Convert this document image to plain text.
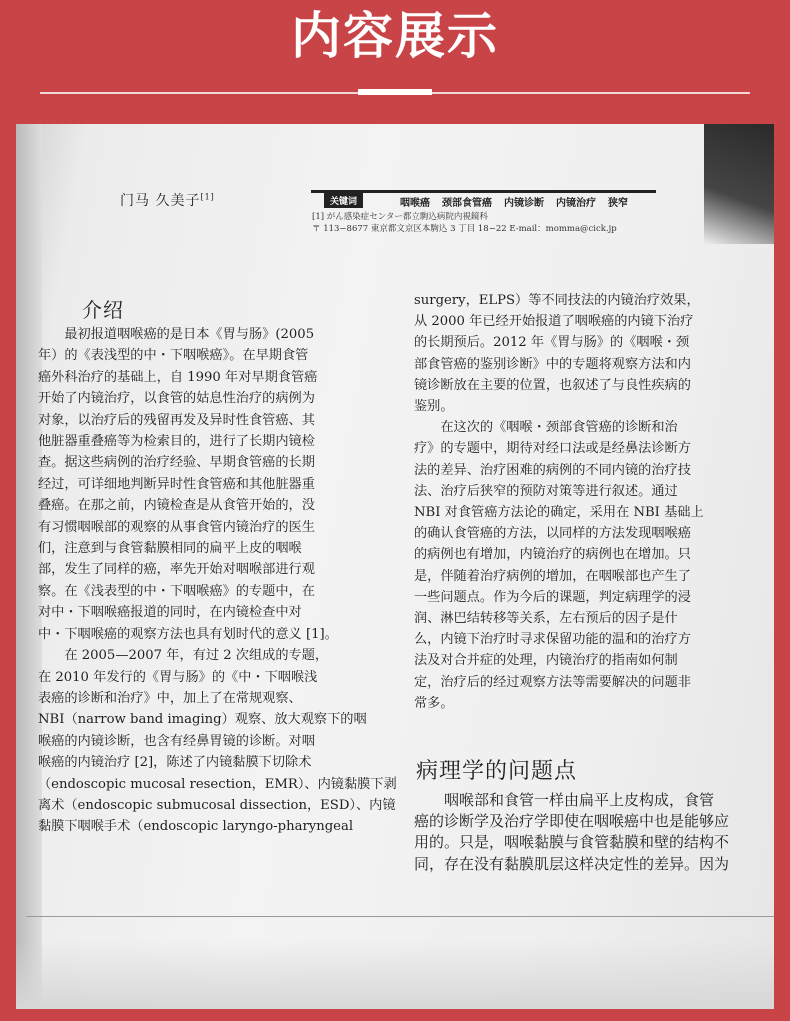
内容展示
门马 久美子[1]
关键词	咽喉癌 颈部食管癌 内镜诊断 内镜治疗 狭窄
[1] がん感染症センター都立駒込病院内視鏡科
〒 113−8677 東京都文京区本駒込 3 丁目 18−22 E-mail：momma@cick.jp
介绍
　　最初报道咽喉癌的是日本《胃与肠》(2005
年）的《表浅型的中・下咽喉癌》。在早期食管
癌外科治疗的基础上，自 1990 年对早期食管癌
开始了内镜治疗，以食管的姑息性治疗的病例为
对象，以治疗后的残留再发及异时性食管癌、其
他脏器重叠癌等为检索目的，进行了长期内镜检
查。据这些病例的治疗经验、早期食管癌的长期
经过，可详细地判断异时性食管癌和其他脏器重
叠癌。在那之前，内镜检查是从食管开始的，没
有习惯咽喉部的观察的从事食管内镜治疗的医生
们，注意到与食管黏膜相同的扁平上皮的咽喉
部，发生了同样的癌，率先开始对咽喉部进行观
察。在《浅表型的中・下咽喉癌》的专题中，在
对中・下咽喉癌报道的同时，在内镜检查中对
中・下咽喉癌的观察方法也具有划时代的意义 [1]。
　　在 2005—2007 年，有过 2 次组成的专题，
在 2010 年发行的《胃与肠》的《中・下咽喉浅
表癌的诊断和治疗》中，加上了在常规观察、
NBI（narrow band imaging）观察、放大观察下的咽
喉癌的内镜诊断，也含有经鼻胃镜的诊断。对咽
喉癌的内镜治疗 [2]，陈述了内镜黏膜下切除术
（endoscopic mucosal resection，EMR）、内镜黏膜下剥
离术（endoscopic submucosal dissection，ESD）、内镜
黏膜下咽喉手术（endoscopic laryngo-pharyngeal
surgery，ELPS）等不同技法的内镜治疗效果，
从 2000 年已经开始报道了咽喉癌的内镜下治疗
的长期预后。2012 年《胃与肠》的《咽喉・颈
部食管癌的鉴别诊断》中的专题将观察方法和内
镜诊断放在主要的位置，也叙述了与良性疾病的
鉴别。
　　在这次的《咽喉・颈部食管癌的诊断和治
疗》的专题中，期待对经口法或是经鼻法诊断方
法的差异、治疗困难的病例的不同内镜的治疗技
法、治疗后狭窄的预防对策等进行叙述。通过
NBI 对食管癌方法论的确定，采用在 NBI 基础上
的确认食管癌的方法，以同样的方法发现咽喉癌
的病例也有增加，内镜治疗的病例也在增加。只
是，伴随着治疗病例的增加，在咽喉部也产生了
一些问题点。作为今后的课题，判定病理学的浸
润、淋巴结转移等关系，左右预后的因子是什
么，内镜下治疗时寻求保留功能的温和的治疗方
法及对合并症的处理，内镜治疗的指南如何制
定，治疗后的经过观察方法等需要解决的问题非
常多。
病理学的问题点
　　咽喉部和食管一样由扁平上皮构成，食管
癌的诊断学及治疗学即使在咽喉癌中也是能够应
用的。只是，咽喉黏膜与食管黏膜和壁的结构不
同，存在没有黏膜肌层这样决定性的差异。因为
